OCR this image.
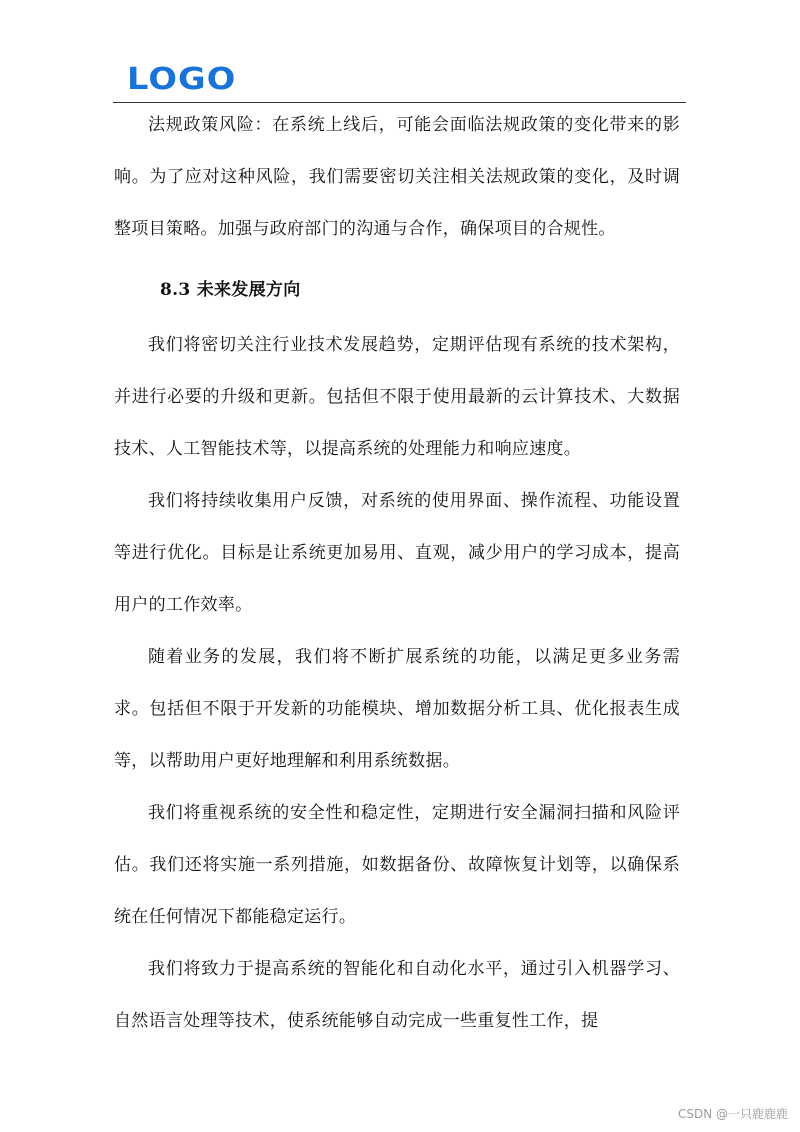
LOGO

法规政策风险：在系统上线后，可能会面临法规政策的变化带来的影响。为了应对这种风险，我们需要密切关注相关法规政策的变化，及时调整项目策略。加强与政府部门的沟通与合作，确保项目的合规性。

8.3 未来发展方向

我们将密切关注行业技术发展趋势，定期评估现有系统的技术架构，并进行必要的升级和更新。包括但不限于使用最新的云计算技术、大数据技术、人工智能技术等，以提高系统的处理能力和响应速度。

我们将持续收集用户反馈，对系统的使用界面、操作流程、功能设置等进行优化。目标是让系统更加易用、直观，减少用户的学习成本，提高用户的工作效率。

随着业务的发展，我们将不断扩展系统的功能，以满足更多业务需求。包括但不限于开发新的功能模块、增加数据分析工具、优化报表生成等，以帮助用户更好地理解和利用系统数据。

我们将重视系统的安全性和稳定性，定期进行安全漏洞扫描和风险评估。我们还将实施一系列措施，如数据备份、故障恢复计划等，以确保系统在任何情况下都能稳定运行。

我们将致力于提高系统的智能化和自动化水平，通过引入机器学习、自然语言处理等技术，使系统能够自动完成一些重复性工作，提

CSDN @一只鹿鹿鹿
